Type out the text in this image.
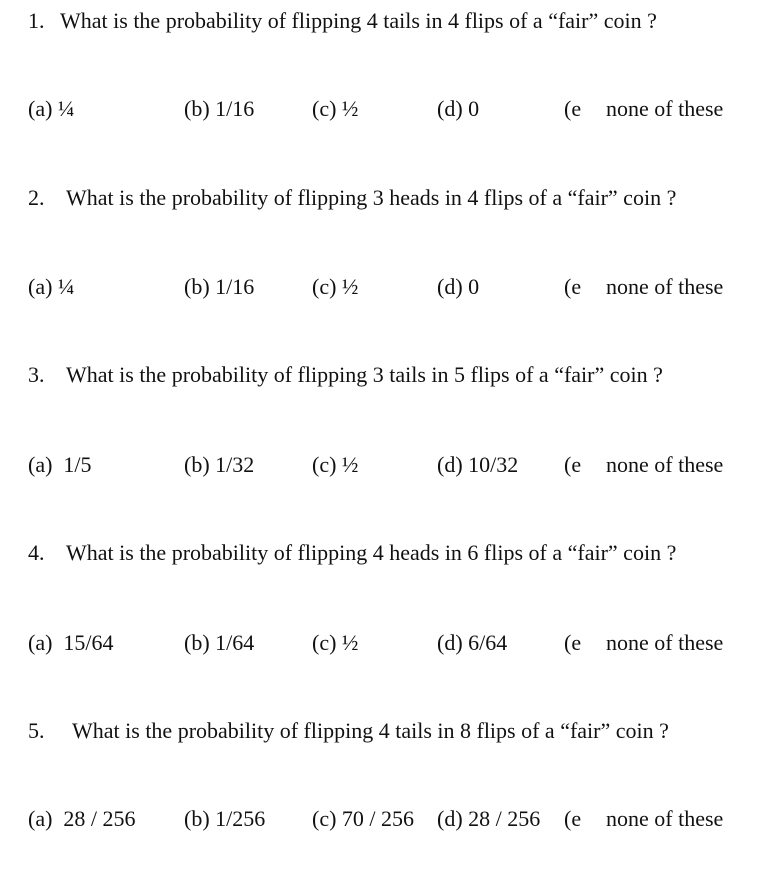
1. What is the probability of flipping 4 tails in 4 flips of a “fair” coin ?
(a) ¼	(b) 1/16	(c) ½	(d) 0	(e none of these
2. What is the probability of flipping 3 heads in 4 flips of a “fair” coin ?
(a) ¼	(b) 1/16	(c) ½	(d) 0	(e none of these
3. What is the probability of flipping 3 tails in 5 flips of a “fair” coin ?
(a)  1/5	(b) 1/32	(c) ½	(d) 10/32 (e none of these
4. What is the probability of flipping 4 heads in 6 flips of a “fair” coin ?
(a)  15/64	(b) 1/64	(c) ½	(d) 6/64	(e none of these
5. What is the probability of flipping 4 tails in 8 flips of a “fair” coin ?
(a)  28 / 256 (b) 1/256 (c) 70 / 256 (d) 28 / 256 (e none of these
